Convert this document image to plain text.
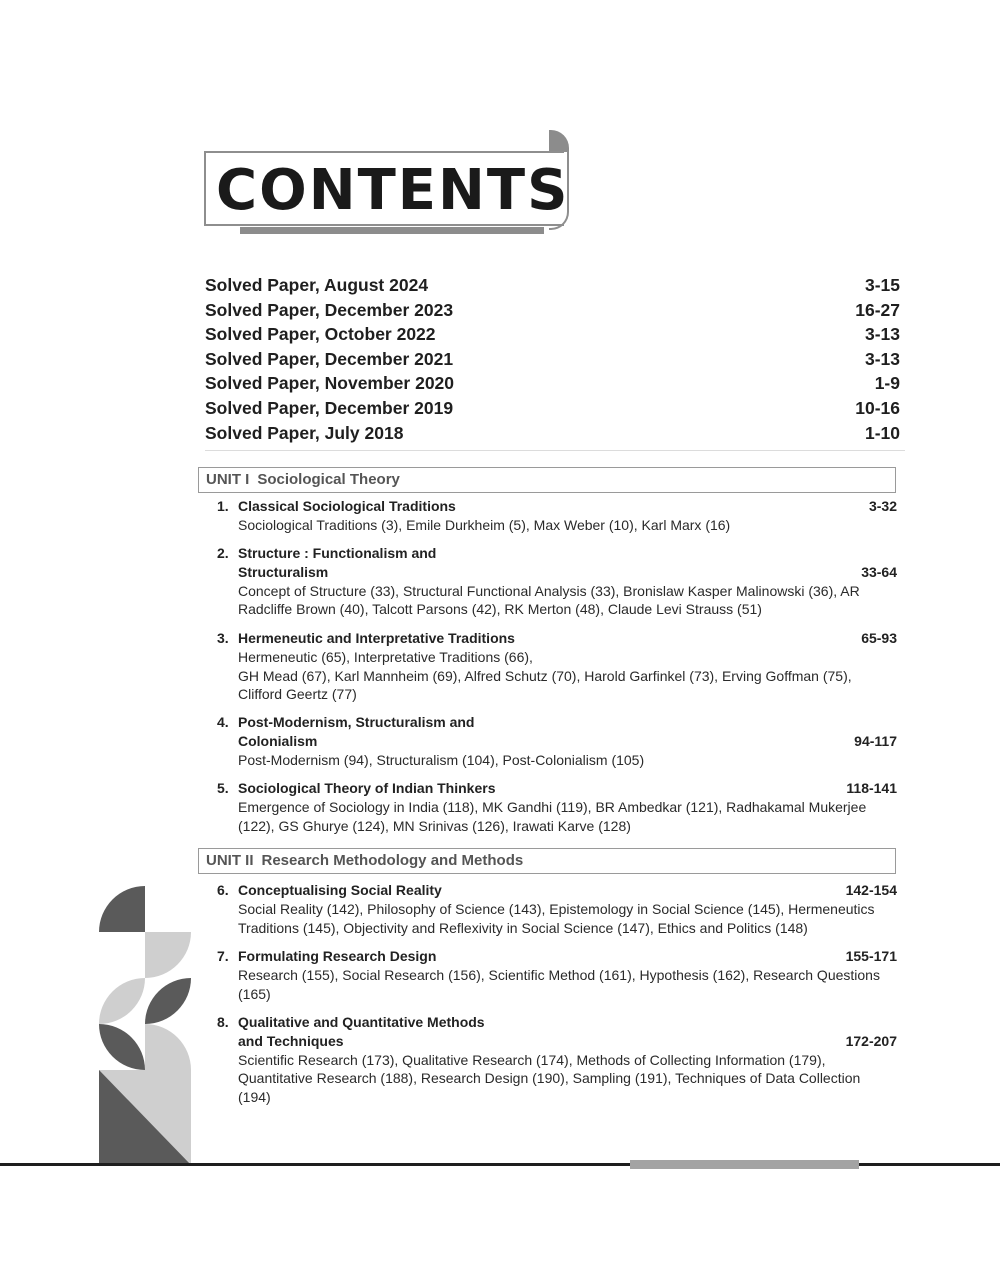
CONTENTS
Solved Paper, August 2024	3-15
Solved Paper, December 2023	16-27
Solved Paper, October 2022	3-13
Solved Paper, December 2021	3-13
Solved Paper, November 2020	1-9
Solved Paper, December 2019	10-16
Solved Paper, July 2018	1-10
UNIT I Sociological Theory
1. Classical Sociological Traditions	3-32
Sociological Traditions (3), Emile Durkheim (5), Max Weber (10), Karl Marx (16)
2. Structure : Functionalism and
Structuralism	33-64
Concept of Structure (33), Structural Functional Analysis (33), Bronislaw Kasper Malinowski (36), AR Radcliffe Brown (40), Talcott Parsons (42), RK Merton (48), Claude Levi Strauss (51)
3. Hermeneutic and Interpretative Traditions	65-93
Hermeneutic (65), Interpretative Traditions (66),
GH Mead (67), Karl Mannheim (69), Alfred Schutz (70), Harold Garfinkel (73), Erving Goffman (75),
Clifford Geertz (77)
4. Post-Modernism, Structuralism and
Colonialism	94-117
Post-Modernism (94), Structuralism (104), Post-Colonialism (105)
5. Sociological Theory of Indian Thinkers	118-141
Emergence of Sociology in India (118), MK Gandhi (119), BR Ambedkar (121), Radhakamal Mukerjee (122), GS Ghurye (124), MN Srinivas (126), Irawati Karve (128)
UNIT II Research Methodology and Methods
6. Conceptualising Social Reality	142-154
Social Reality (142), Philosophy of Science (143), Epistemology in Social Science (145), Hermeneutics Traditions (145), Objectivity and Reflexivity in Social Science (147), Ethics and Politics (148)
7. Formulating Research Design	155-171
Research (155), Social Research (156), Scientific Method (161), Hypothesis (162), Research Questions (165)
8. Qualitative and Quantitative Methods
and Techniques	172-207
Scientific Research (173), Qualitative Research (174), Methods of Collecting Information (179),
Quantitative Research (188), Research Design (190), Sampling (191), Techniques of Data Collection
(194)
